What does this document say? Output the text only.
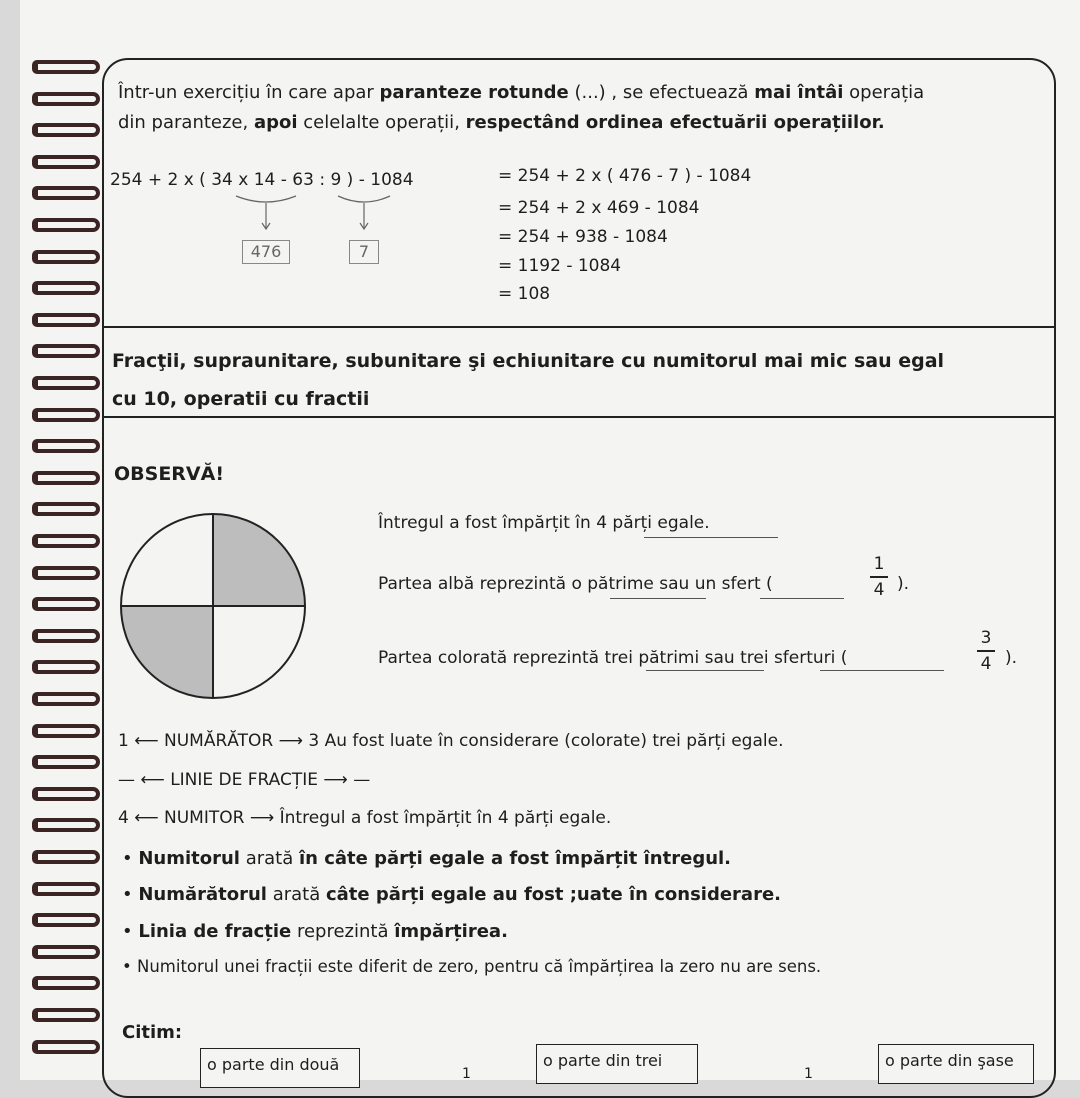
Într-un exercițiu în care apar paranteze rotunde (...) , se efectuează mai întâi operația
din paranteze, apoi celelalte operații, respectând ordinea efectuării operațiilor.
254 + 2 x ( 34 x 14 - 63 : 9 ) - 1084	= 254 + 2 x ( 476 - 7 ) - 1084
= 254 + 2 x 469 - 1084
= 254 + 938 - 1084
= 1192 - 1084
= 108
476	7
Fracţii, supraunitare, subunitare şi echiunitare cu numitorul mai mic sau egal
cu 10, operatii cu fractii
OBSERVĂ!
Întregul a fost împărțit în 4 părți egale.
Partea albă reprezintă o pătrime sau un sfert (
1
4 ).
Partea colorată reprezintă trei pătrimi sau trei sferturi (
3
4 ).
1 ⟵ NUMĂRĂTOR ⟶ 3 Au fost luate în considerare (colorate) trei părți egale.
— ⟵ LINIE DE FRACȚIE ⟶ —
4 ⟵ NUMITOR ⟶ Întregul a fost împărțit în 4 părți egale.
• Numitorul arată în câte părți egale a fost împărțit întregul.
• Numărătorul arată câte părți egale au fost ;uate în considerare.
• Linia de fracție reprezintă împărțirea.
• Numitorul unei fracții este diferit de zero, pentru că împărțirea la zero nu are sens.
Citim:
o parte din două	o parte din trei	o parte din şase
1	1
